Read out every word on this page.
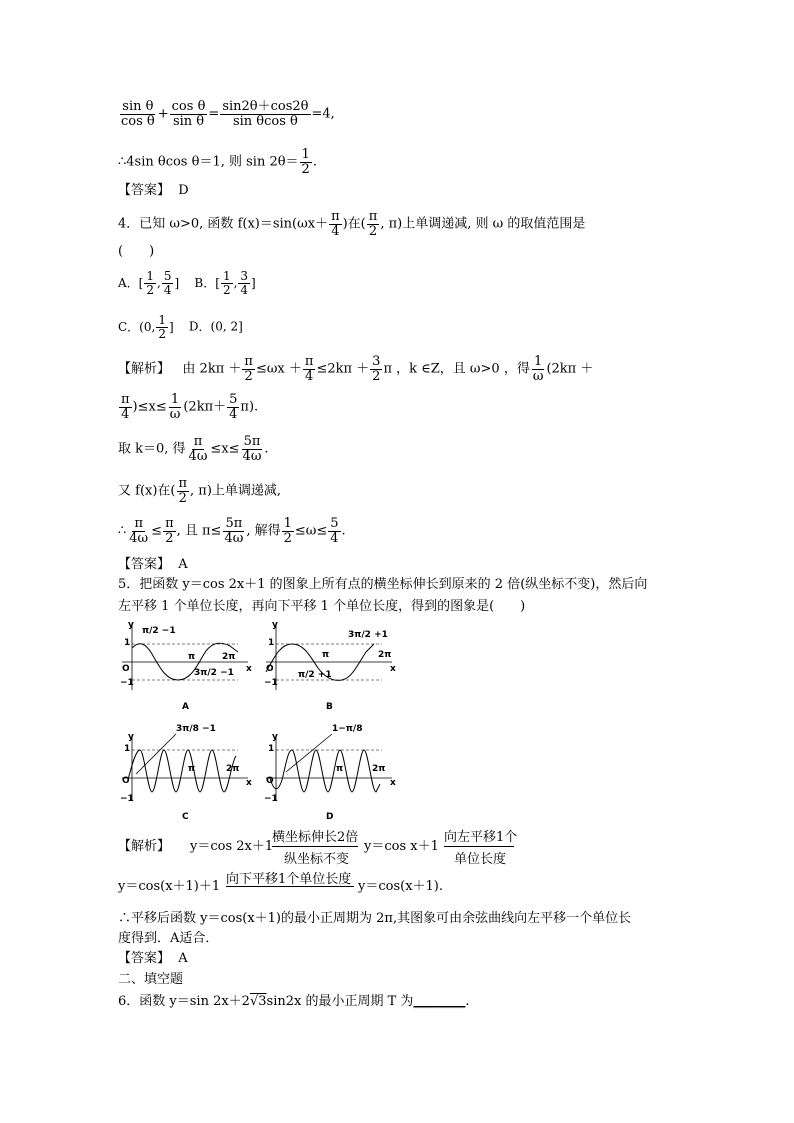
$\frac{\text{sin θ}}{\text{cos θ}} + \frac{\text{cos θ}}{\text{sin θ}} = \frac{\sin 2\theta+\cos 2\theta}{\text{sin θcos θ}} =4$,
∴4sin θcos θ＝1, 则 $\sin 2\theta= \frac{1}{2}$ .
【答案】 D
4．已知 ω>0, 函数 $f(x)=\sin(\omega x+ \frac{\pi}{4}$ )在( $\frac{\pi}{2}$ , π)上单调递减, 则 ω 的取值范围是
(　　)
A．[ $\frac{1}{2}$ , $\frac{5}{4}$ ] B．[ $\frac{1}{2}$ , $\frac{3}{4}$ ]
C．(0, $\frac{1}{2}$ ] D．(0, 2]
【解析】 由 $2k\pi + \frac{\pi}{2} \le\omega x + \frac{\pi}{4} \le 2k\pi + \frac{3}{2}$ π ，k ∈Z，且 ω>0 ，得 $\frac{1}{\omega} (2k\pi$ ＋
$\frac{\pi}{4} )\le x\le \frac{1}{\omega} (2k\pi+ \frac{5}{4} \pi)$.
取 k＝0, 得 $\frac{\pi}{4\omega} \le x\le \frac{5\pi}{4\omega}$ .
又 f(x)在( $\frac{\pi}{2}$ , π)上单调递减,
∴ $\frac{\pi}{4\omega} \le \frac{\pi}{2}$ , 且 $\pi\le \frac{5\pi}{4\omega}$ , 解得 $\frac{1}{2} \le\omega\le \frac{5}{4}$ .
【答案】 A
5．把函数 y＝cos 2x＋1 的图象上所有点的横坐标伸长到原来的 2 倍(纵坐标不变)，然后向
左平移 1 个单位长度，再向下平移 1 个单位长度，得到的图象是(　　)
y
1
O
−1
x
π/2 −1
π	2π
3π/2 −1
A
y
1
O
−1
x
3π/2 +1
π	2π
π/2 +1
B
y
1
O
−1
x
3π/8 −1
π	2π
C
y
1
O
−1
x
1−π/8
π	2π
D
【解析】 y＝cos 2x＋1
横坐标伸长2倍
纵坐标不变
y＝cos x＋1
向左平移1个
单位长度
y＝cos(x＋1)＋1 向下平移1个单位长度 y＝cos(x＋1).
∴平移后函数 y＝cos(x＋1)的最小正周期为 2π,其图象可由余弦曲线向左平移一个单位长
度得到．A适合．
【答案】 A
二、填空题
6．函数 y＝sin 2x＋2√3sin2x 的最小正周期 T 为________.
